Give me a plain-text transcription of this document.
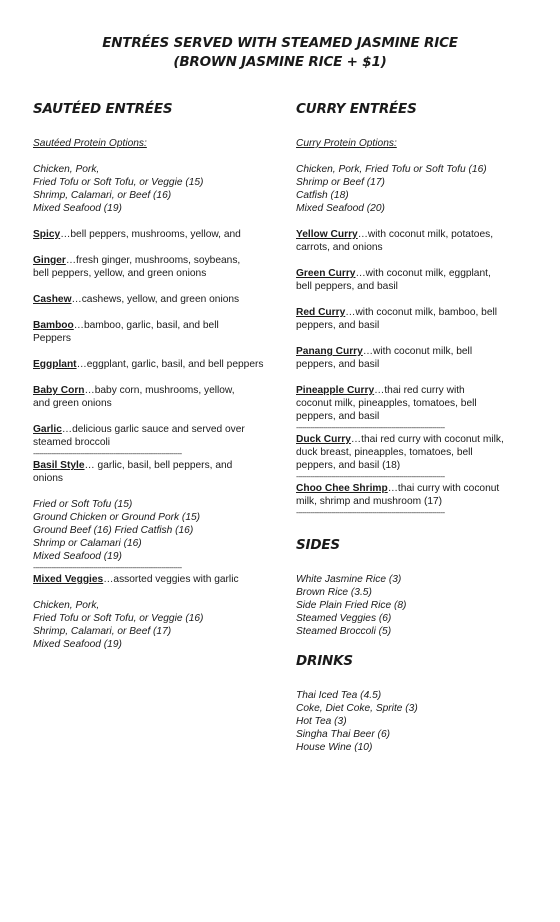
ENTRÉES SERVED WITH STEAMED JASMINE RICE
(BROWN JASMINE RICE + $1)
SAUTÉED ENTRÉES
Sautéed Protein Options:
Chicken, Pork,
Fried Tofu or Soft Tofu, or Veggie (15)
Shrimp, Calamari, or Beef (16)
Mixed Seafood (19)
Spicy…bell peppers, mushrooms, yellow, and
Ginger…fresh ginger, mushrooms, soybeans,
bell peppers, yellow, and green onions
Cashew…cashews, yellow, and green onions
Bamboo…bamboo, garlic, basil, and bell
Peppers
Eggplant…eggplant, garlic, basil, and bell peppers
Baby Corn…baby corn, mushrooms, yellow,
and green onions
Garlic…delicious garlic sauce and served over
steamed broccoli
------------------------------------------------------------------------
Basil Style… garlic, basil, bell peppers, and
onions
Fried or Soft Tofu (15)
Ground Chicken or Ground Pork (15)
Ground Beef (16) Fried Catfish (16)
Shrimp or Calamari (16)
Mixed Seafood (19)
------------------------------------------------------------------------
Mixed Veggies…assorted veggies with garlic
Chicken, Pork,
Fried Tofu or Soft Tofu, or Veggie (16)
Shrimp, Calamari, or Beef (17)
Mixed Seafood (19)
CURRY ENTRÉES
Curry Protein Options:
Chicken, Pork, Fried Tofu or Soft Tofu (16)
Shrimp or Beef (17)
Catfish (18)
Mixed Seafood (20)
Yellow Curry…with coconut milk, potatoes,
carrots, and onions
Green Curry…with coconut milk, eggplant,
bell peppers, and basil
Red Curry…with coconut milk, bamboo, bell
peppers, and basil
Panang Curry…with coconut milk, bell
peppers, and basil
Pineapple Curry…thai red curry with
coconut milk, pineapples, tomatoes, bell
peppers, and basil
------------------------------------------------------------------------
Duck Curry…thai red curry with coconut milk,
duck breast, pineapples, tomatoes, bell
peppers, and basil (18)
------------------------------------------------------------------------
Choo Chee Shrimp…thai curry with coconut
milk, shrimp and mushroom (17)
------------------------------------------------------------------------
SIDES
White Jasmine Rice (3)
Brown Rice (3.5)
Side Plain Fried Rice (8)
Steamed Veggies (6)
Steamed Broccoli (5)
DRINKS
Thai Iced Tea (4.5)
Coke, Diet Coke, Sprite (3)
Hot Tea (3)
Singha Thai Beer (6)
House Wine (10)
